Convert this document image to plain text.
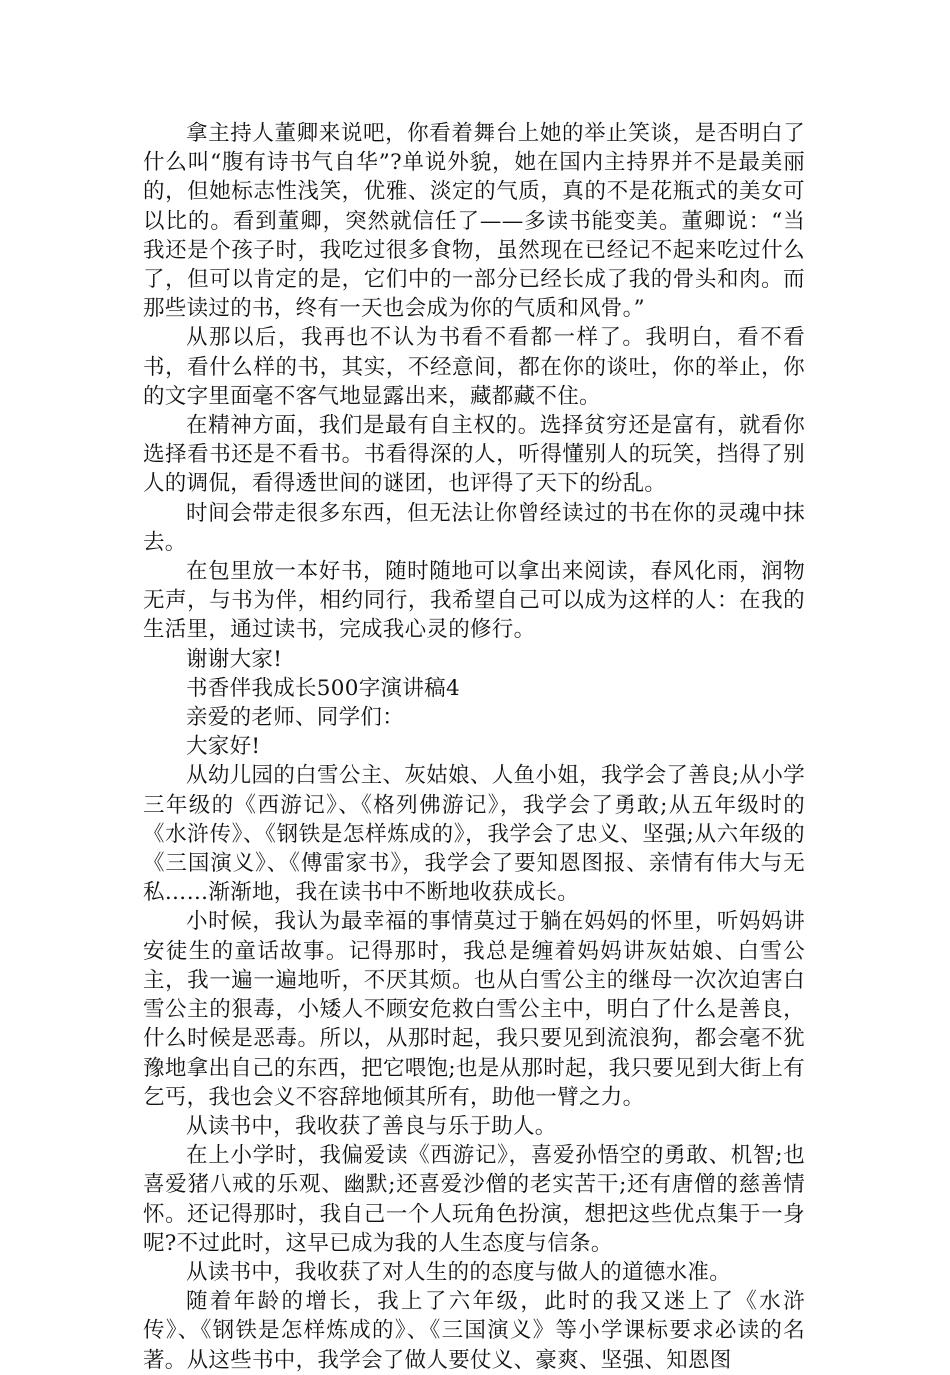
拿主持人董卿来说吧，你看着舞台上她的举止笑谈，是否明白了什么叫“腹有诗书气自华”?单说外貌，她在国内主持界并不是最美丽的，但她标志性浅笑，优雅、淡定的气质，真的不是花瓶式的美女可以比的。看到董卿，突然就信任了——多读书能变美。董卿说：“当我还是个孩子时，我吃过很多食物，虽然现在已经记不起来吃过什么了，但可以肯定的是，它们中的一部分已经长成了我的骨头和肉。而那些读过的书，终有一天也会成为你的气质和风骨。”

从那以后，我再也不认为书看不看都一样了。我明白，看不看书，看什么样的书，其实，不经意间，都在你的谈吐，你的举止，你的文字里面毫不客气地显露出来，藏都藏不住。

在精神方面，我们是最有自主权的。选择贫穷还是富有，就看你选择看书还是不看书。书看得深的人，听得懂别人的玩笑，挡得了别人的调侃，看得透世间的谜团，也评得了天下的纷乱。

时间会带走很多东西，但无法让你曾经读过的书在你的灵魂中抹去。

在包里放一本好书，随时随地可以拿出来阅读，春风化雨，润物无声，与书为伴，相约同行，我希望自己可以成为这样的人：在我的生活里，通过读书，完成我心灵的修行。

谢谢大家!

书香伴我成长500字演讲稿4

亲爱的老师、同学们：

大家好!

从幼儿园的白雪公主、灰姑娘、人鱼小姐，我学会了善良;从小学三年级的《西游记》、《格列佛游记》，我学会了勇敢;从五年级时的《水浒传》、《钢铁是怎样炼成的》，我学会了忠义、坚强;从六年级的《三国演义》、《傅雷家书》，我学会了要知恩图报、亲情有伟大与无私……渐渐地，我在读书中不断地收获成长。

小时候，我认为最幸福的事情莫过于躺在妈妈的怀里，听妈妈讲安徒生的童话故事。记得那时，我总是缠着妈妈讲灰姑娘、白雪公主，我一遍一遍地听，不厌其烦。也从白雪公主的继母一次次迫害白雪公主的狠毒，小矮人不顾安危救白雪公主中，明白了什么是善良，什么时候是恶毒。所以，从那时起，我只要见到流浪狗，都会毫不犹豫地拿出自己的东西，把它喂饱;也是从那时起，我只要见到大街上有乞丐，我也会义不容辞地倾其所有，助他一臂之力。

从读书中，我收获了善良与乐于助人。

在上小学时，我偏爱读《西游记》，喜爱孙悟空的勇敢、机智;也喜爱猪八戒的乐观、幽默;还喜爱沙僧的老实苦干;还有唐僧的慈善情怀。还记得那时，我自己一个人玩角色扮演，想把这些优点集于一身呢?不过此时，这早已成为我的人生态度与信条。

从读书中，我收获了对人生的的态度与做人的道德水准。

随着年龄的增长，我上了六年级，此时的我又迷上了《水浒传》、《钢铁是怎样炼成的》、《三国演义》等小学课标要求必读的名著。从这些书中，我学会了做人要仗义、豪爽、坚强、知恩图
